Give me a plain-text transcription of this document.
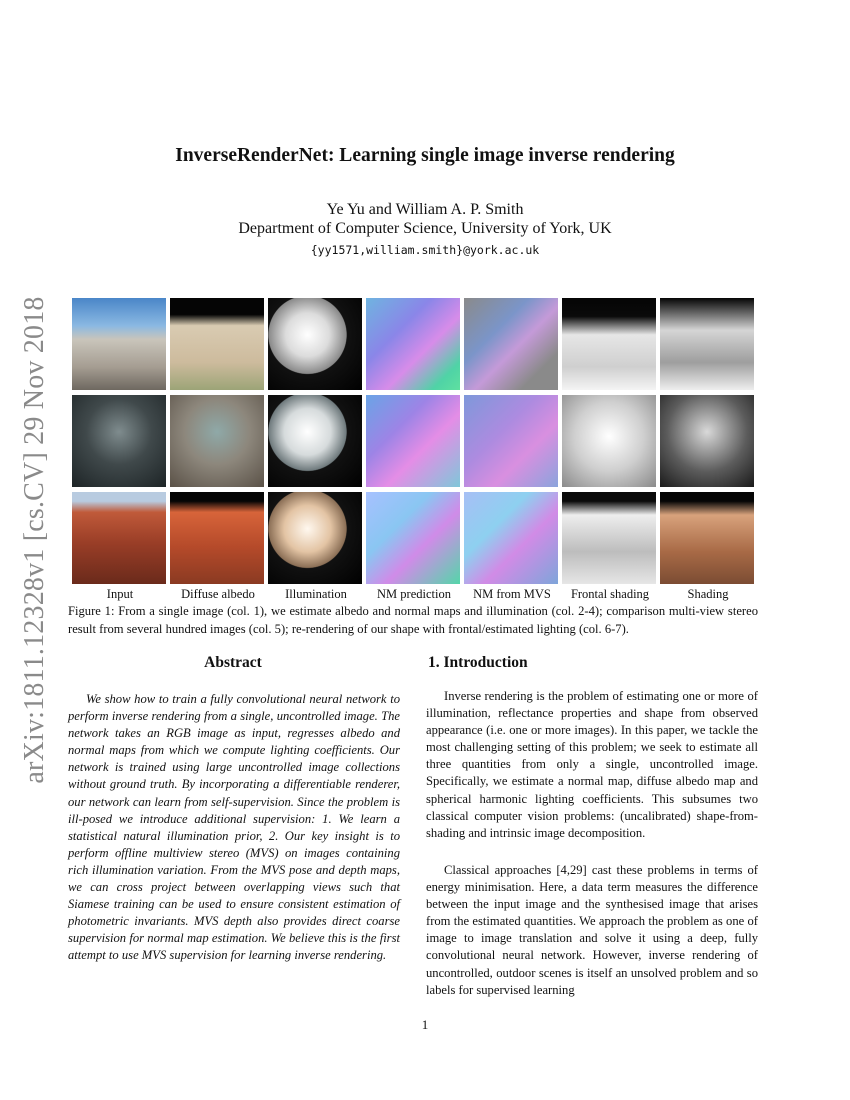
arXiv:1811.12328v1 [cs.CV] 29 Nov 2018
InverseRenderNet: Learning single image inverse rendering
Ye Yu and William A. P. Smith
Department of Computer Science, University of York, UK
{yy1571,william.smith}@york.ac.uk
Input	Diffuse albedo	Illumination	NM prediction	NM from MVS	Frontal shading	Shading
Figure 1: From a single image (col. 1), we estimate albedo and normal maps and illumination (col. 2-4); comparison multi-view stereo result from several hundred images (col. 5); re-rendering of our shape with frontal/estimated lighting (col. 6-7).
Abstract
We show how to train a fully convolutional neural network to perform inverse rendering from a single, uncontrolled image. The network takes an RGB image as input, regresses albedo and normal maps from which we compute lighting coefficients. Our network is trained using large uncontrolled image collections without ground truth. By incorporating a differentiable renderer, our network can learn from self-supervision. Since the problem is ill-posed we introduce additional supervision: 1. We learn a statistical natural illumination prior, 2. Our key insight is to perform offline multiview stereo (MVS) on images containing rich illumination variation. From the MVS pose and depth maps, we can cross project between overlapping views such that Siamese training can be used to ensure consistent estimation of photometric invariants. MVS depth also provides direct coarse supervision for normal map estimation. We believe this is the first attempt to use MVS supervision for learning inverse rendering.
1. Introduction
Inverse rendering is the problem of estimating one or more of illumination, reflectance properties and shape from observed appearance (i.e. one or more images). In this paper, we tackle the most challenging setting of this problem; we seek to estimate all three quantities from only a single, uncontrolled image. Specifically, we estimate a normal map, diffuse albedo map and spherical harmonic lighting coefficients. This subsumes two classical computer vision problems: (uncalibrated) shape-from-shading and intrinsic image decomposition.
Classical approaches [4,29] cast these problems in terms of energy minimisation. Here, a data term measures the difference between the input image and the synthesised image that arises from the estimated quantities. We approach the problem as one of image to image translation and solve it using a deep, fully convolutional neural network. However, inverse rendering of uncontrolled, outdoor scenes is itself an unsolved problem and so labels for supervised learning
1
